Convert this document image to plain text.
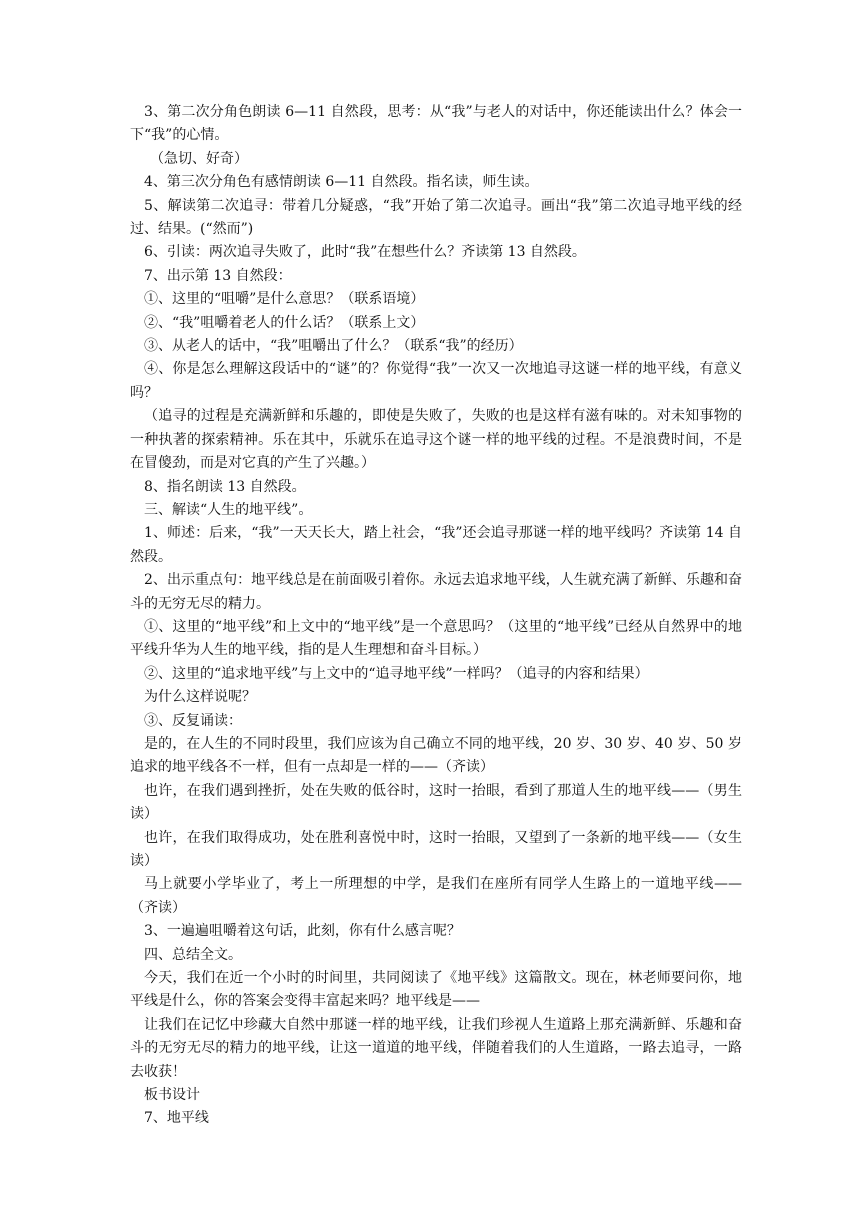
3、第二次分角色朗读 6—11 自然段，思考：从“我”与老人的对话中，你还能读出什么？体会一下“我”的心情。

（急切、好奇）

4、第三次分角色有感情朗读 6—11 自然段。指名读，师生读。

5、解读第二次追寻：带着几分疑惑，“我”开始了第二次追寻。画出“我”第二次追寻地平线的经过、结果。(“然而”)

6、引读：两次追寻失败了，此时“我”在想些什么？齐读第 13 自然段。

7、出示第 13 自然段：

①、这里的“咀嚼”是什么意思？（联系语境）

②、“我”咀嚼着老人的什么话？（联系上文）

③、从老人的话中，“我”咀嚼出了什么？（联系“我”的经历）

④、你是怎么理解这段话中的“谜”的？你觉得“我”一次又一次地追寻这谜一样的地平线，有意义吗？

（追寻的过程是充满新鲜和乐趣的，即使是失败了，失败的也是这样有滋有味的。对未知事物的一种执著的探索精神。乐在其中，乐就乐在追寻这个谜一样的地平线的过程。不是浪费时间，不是在冒傻劲，而是对它真的产生了兴趣。）

8、指名朗读 13 自然段。

三、解读“人生的地平线”。

1、师述：后来，“我”一天天长大，踏上社会，“我”还会追寻那谜一样的地平线吗？齐读第 14 自然段。

2、出示重点句：地平线总是在前面吸引着你。永远去追求地平线，人生就充满了新鲜、乐趣和奋斗的无穷无尽的精力。

①、这里的“地平线”和上文中的“地平线”是一个意思吗？（这里的“地平线”已经从自然界中的地平线升华为人生的地平线，指的是人生理想和奋斗目标。）

②、这里的“追求地平线”与上文中的“追寻地平线”一样吗？（追寻的内容和结果）

为什么这样说呢？

③、反复诵读：

是的，在人生的不同时段里，我们应该为自己确立不同的地平线，20 岁、30 岁、40 岁、50 岁追求的地平线各不一样，但有一点却是一样的——（齐读）

也许，在我们遇到挫折，处在失败的低谷时，这时一抬眼，看到了那道人生的地平线——（男生读）

也许，在我们取得成功，处在胜利喜悦中时，这时一抬眼，又望到了一条新的地平线——（女生读）

马上就要小学毕业了，考上一所理想的中学，是我们在座所有同学人生路上的一道地平线——（齐读）

3、一遍遍咀嚼着这句话，此刻，你有什么感言呢？

四、总结全文。

今天，我们在近一个小时的时间里，共同阅读了《地平线》这篇散文。现在，林老师要问你，地平线是什么，你的答案会变得丰富起来吗？地平线是——

让我们在记忆中珍藏大自然中那谜一样的地平线，让我们珍视人生道路上那充满新鲜、乐趣和奋斗的无穷无尽的精力的地平线，让这一道道的地平线，伴随着我们的人生道路，一路去追寻，一路去收获！

板书设计

7、地平线
